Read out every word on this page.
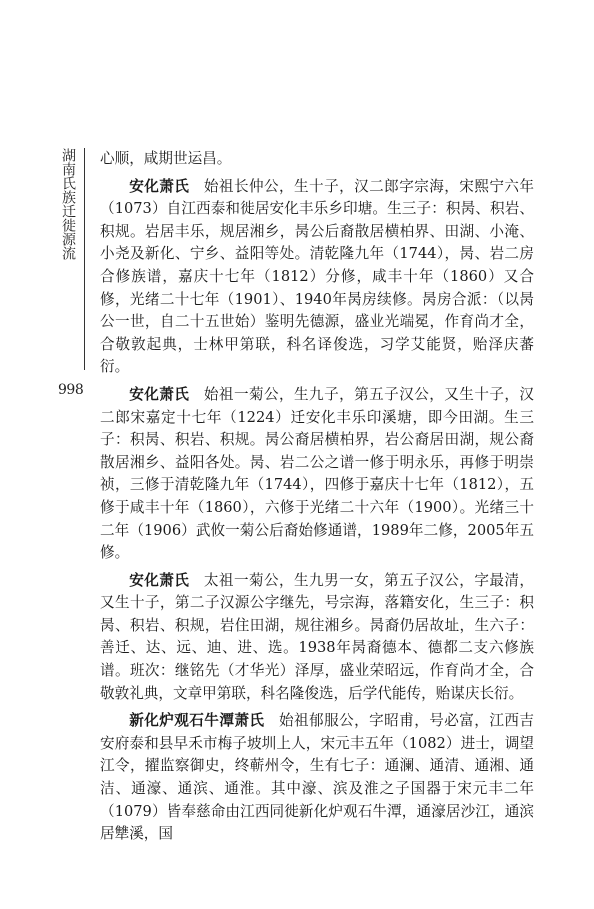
湖南氏族迁徙源流
998

心顺，咸期世运昌。

安化萧氏 始祖长仲公，生十子，汉二郎字宗海，宋熙宁六年（1073）自江西泰和徙居安化丰乐乡印塘。生三子：积昺、积岩、积规。岩居丰乐，规居湘乡，昺公后裔散居横柏界、田湖、小淹、小尧及新化、宁乡、益阳等处。清乾隆九年（1744），昺、岩二房合修族谱，嘉庆十七年（1812）分修，咸丰十年（1860）又合修，光绪二十七年（1901）、1940年昺房续修。昺房合派：（以昺公一世，自二十五世始）鉴明先德源，盛业光端冕，作育尚才全，合敬敦起典，士林甲第联，科名译俊选，习学艾能贤，贻泽庆蕃衍。

安化萧氏 始祖一菊公，生九子，第五子汉公，又生十子，汉二郎宋嘉定十七年（1224）迁安化丰乐印溪塘，即今田湖。生三子：积昺、积岩、积规。昺公裔居横柏界，岩公裔居田湖，规公裔散居湘乡、益阳各处。昺、岩二公之谱一修于明永乐，再修于明崇祯，三修于清乾隆九年（1744），四修于嘉庆十七年（1812），五修于咸丰十年（1860），六修于光绪二十六年（1900）。光绪三十二年（1906）武攸一菊公后裔始修通谱，1989年二修，2005年五修。

安化萧氏 太祖一菊公，生九男一女，第五子汉公，字最清，又生十子，第二子汉源公字继先，号宗海，落籍安化，生三子：积昺、积岩、积规，岩住田湖，规往湘乡。昺裔仍居故址，生六子：善迁、达、远、迪、进、选。1938年昺裔德本、德都二支六修族谱。班次：继铭先（才华光）泽厚，盛业荣昭远，作育尚才全，合敬敦礼典，文章甲第联，科名隆俊选，后学代能传，贻谋庆长衍。

新化炉观石牛潭萧氏 始祖郁服公，字昭甫，号必富，江西吉安府泰和县早禾市梅子坡圳上人，宋元丰五年（1082）进士，调望江令，擢监察御史，终蕲州令，生有七子：通澜、通清、通湘、通洁、通濠、通滨、通淮。其中濠、滨及淮之子国器于宋元丰二年（1079）皆奉慈命由江西同徙新化炉观石牛潭，通濠居沙江，通滨居犨溪，国
